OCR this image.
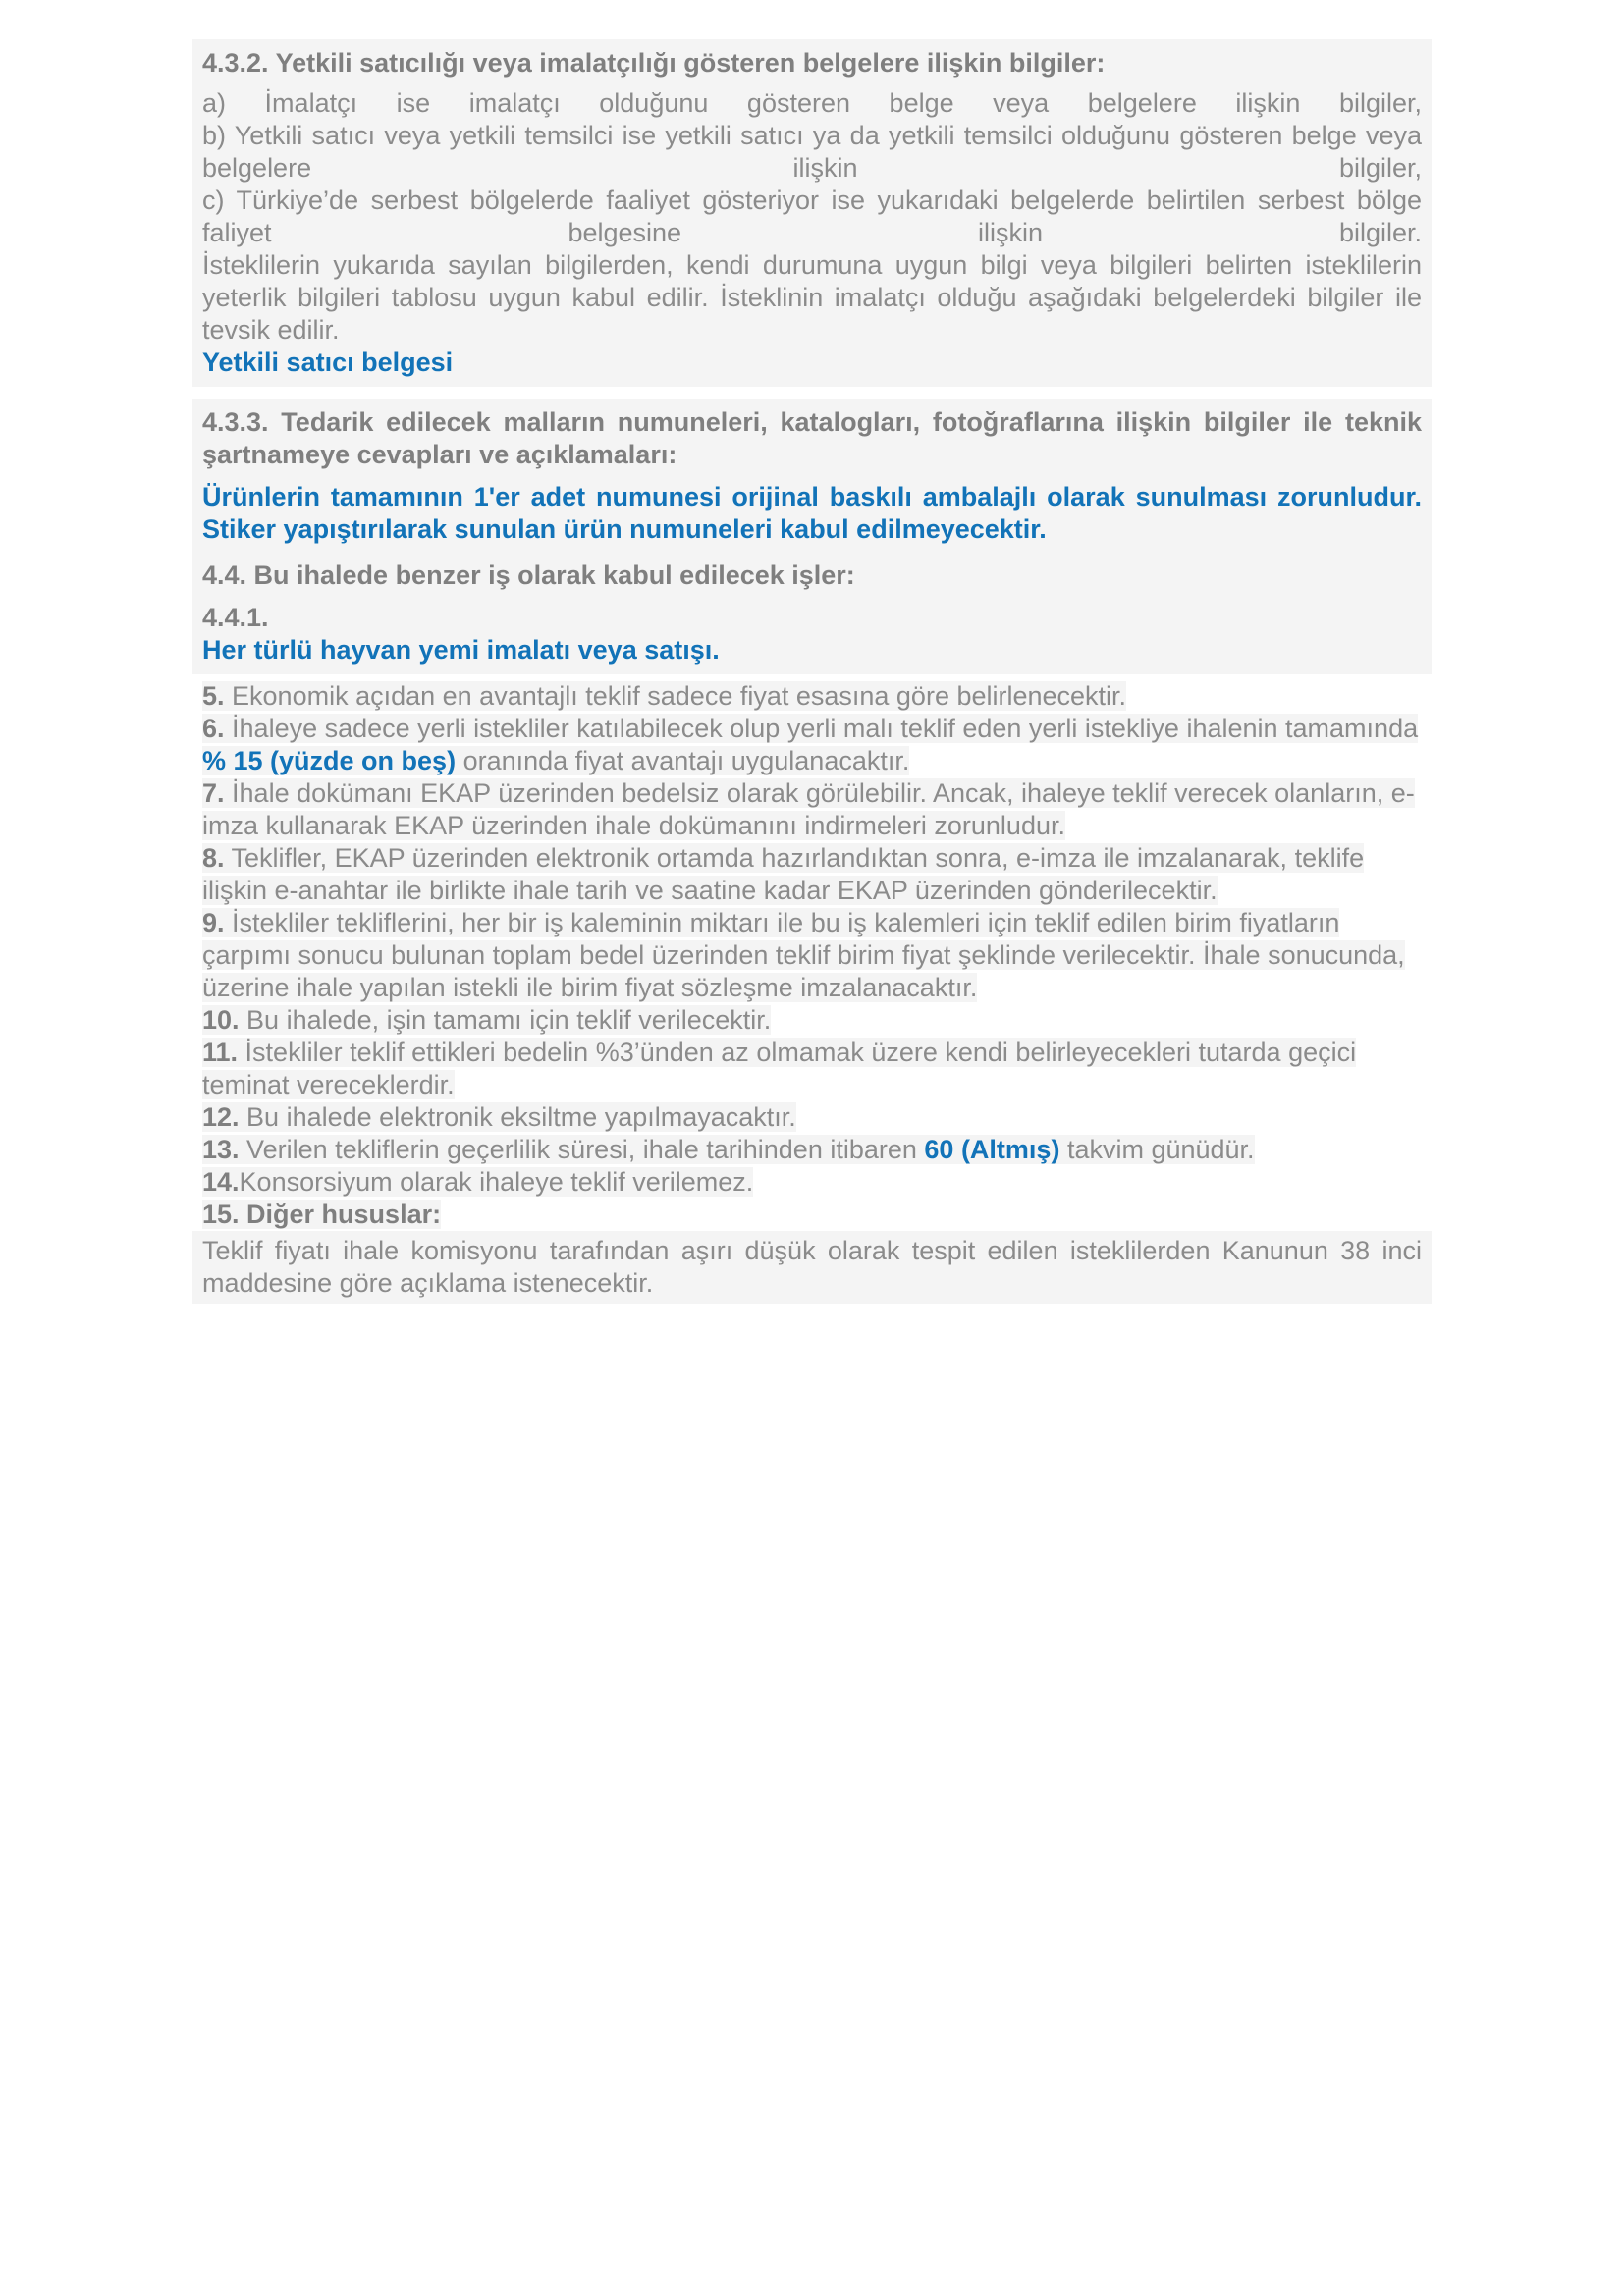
4.3.2. Yetkili satıcılığı veya imalatçılığı gösteren belgelere ilişkin bilgiler:

a) İmalatçı ise imalatçı olduğunu gösteren belge veya belgelere ilişkin bilgiler,
b) Yetkili satıcı veya yetkili temsilci ise yetkili satıcı ya da yetkili temsilci olduğunu gösteren belge veya belgelere ilişkin bilgiler,
c) Türkiye’de serbest bölgelerde faaliyet gösteriyor ise yukarıdaki belgelerde belirtilen serbest bölge faliyet belgesine ilişkin bilgiler.

İsteklilerin yukarıda sayılan bilgilerden, kendi durumuna uygun bilgi veya bilgileri belirten isteklilerin yeterlik bilgileri tablosu uygun kabul edilir. İsteklinin imalatçı olduğu aşağıdaki belgelerdeki bilgiler ile tevsik edilir.

Yetkili satıcı belgesi

4.3.3. Tedarik edilecek malların numuneleri, katalogları, fotoğraflarına ilişkin bilgiler ile teknik şartnameye cevapları ve açıklamaları:

Ürünlerin tamamının 1'er adet numunesi orijinal baskılı ambalajlı olarak sunulması zorunludur. Stiker yapıştırılarak sunulan ürün numuneleri kabul edilmeyecektir.

4.4. Bu ihalede benzer iş olarak kabul edilecek işler:

4.4.1.

Her türlü hayvan yemi imalatı veya satışı.

5. Ekonomik açıdan en avantajlı teklif sadece fiyat esasına göre belirlenecektir.

6. İhaleye sadece yerli istekliler katılabilecek olup yerli malı teklif eden yerli istekliye ihalenin tamamında % 15 (yüzde on beş) oranında fiyat avantajı uygulanacaktır.

7. İhale dokümanı EKAP üzerinden bedelsiz olarak görülebilir. Ancak, ihaleye teklif verecek olanların, e-imza kullanarak EKAP üzerinden ihale dokümanını indirmeleri zorunludur.

8. Teklifler, EKAP üzerinden elektronik ortamda hazırlandıktan sonra, e-imza ile imzalanarak, teklife ilişkin e-anahtar ile birlikte ihale tarih ve saatine kadar EKAP üzerinden gönderilecektir.

9. İstekliler tekliflerini, her bir iş kaleminin miktarı ile bu iş kalemleri için teklif edilen birim fiyatların çarpımı sonucu bulunan toplam bedel üzerinden teklif birim fiyat şeklinde verilecektir. İhale sonucunda, üzerine ihale yapılan istekli ile birim fiyat sözleşme imzalanacaktır.

10. Bu ihalede, işin tamamı için teklif verilecektir.

11. İstekliler teklif ettikleri bedelin %3’ünden az olmamak üzere kendi belirleyecekleri tutarda geçici teminat vereceklerdir.

12. Bu ihalede elektronik eksiltme yapılmayacaktır.

13. Verilen tekliflerin geçerlilik süresi, ihale tarihinden itibaren 60 (Altmış) takvim günüdür.

14.Konsorsiyum olarak ihaleye teklif verilemez.

15. Diğer hususlar:

Teklif fiyatı ihale komisyonu tarafından aşırı düşük olarak tespit edilen isteklilerden Kanunun 38 inci maddesine göre açıklama istenecektir.
